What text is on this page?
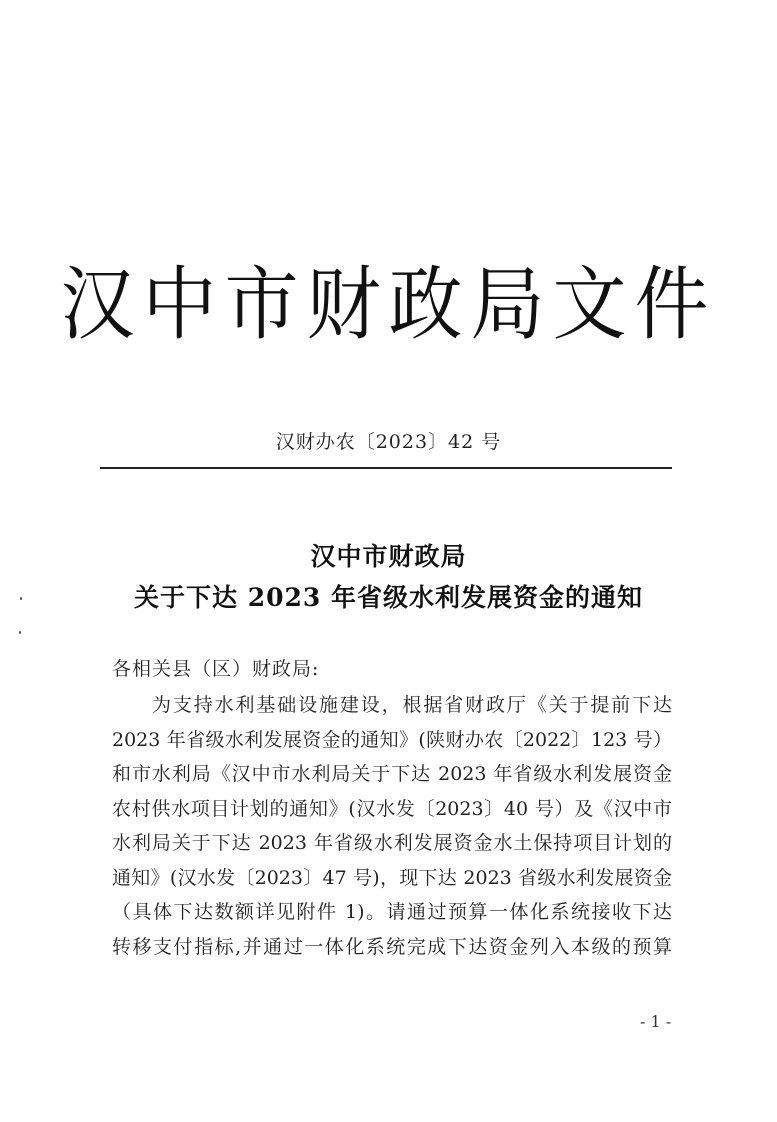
汉中市财政局文件
汉财办农〔2023〕42 号
汉中市财政局
关于下达 2023 年省级水利发展资金的通知
各相关县（区）财政局:
为支持水利基础设施建设，根据省财政厅《关于提前下达
2023 年省级水利发展资金的通知》(陕财办农〔2022〕123 号）
和市水利局《汉中市水利局关于下达 2023 年省级水利发展资金
农村供水项目计划的通知》(汉水发〔2023〕40 号）及《汉中市
水利局关于下达 2023 年省级水利发展资金水土保持项目计划的
通知》(汉水发〔2023〕47 号)，现下达 2023 省级水利发展资金
（具体下达数额详见附件 1)。请通过预算一体化系统接收下达
转移支付指标,并通过一体化系统完成下达资金列入本级的预算
- 1 -
